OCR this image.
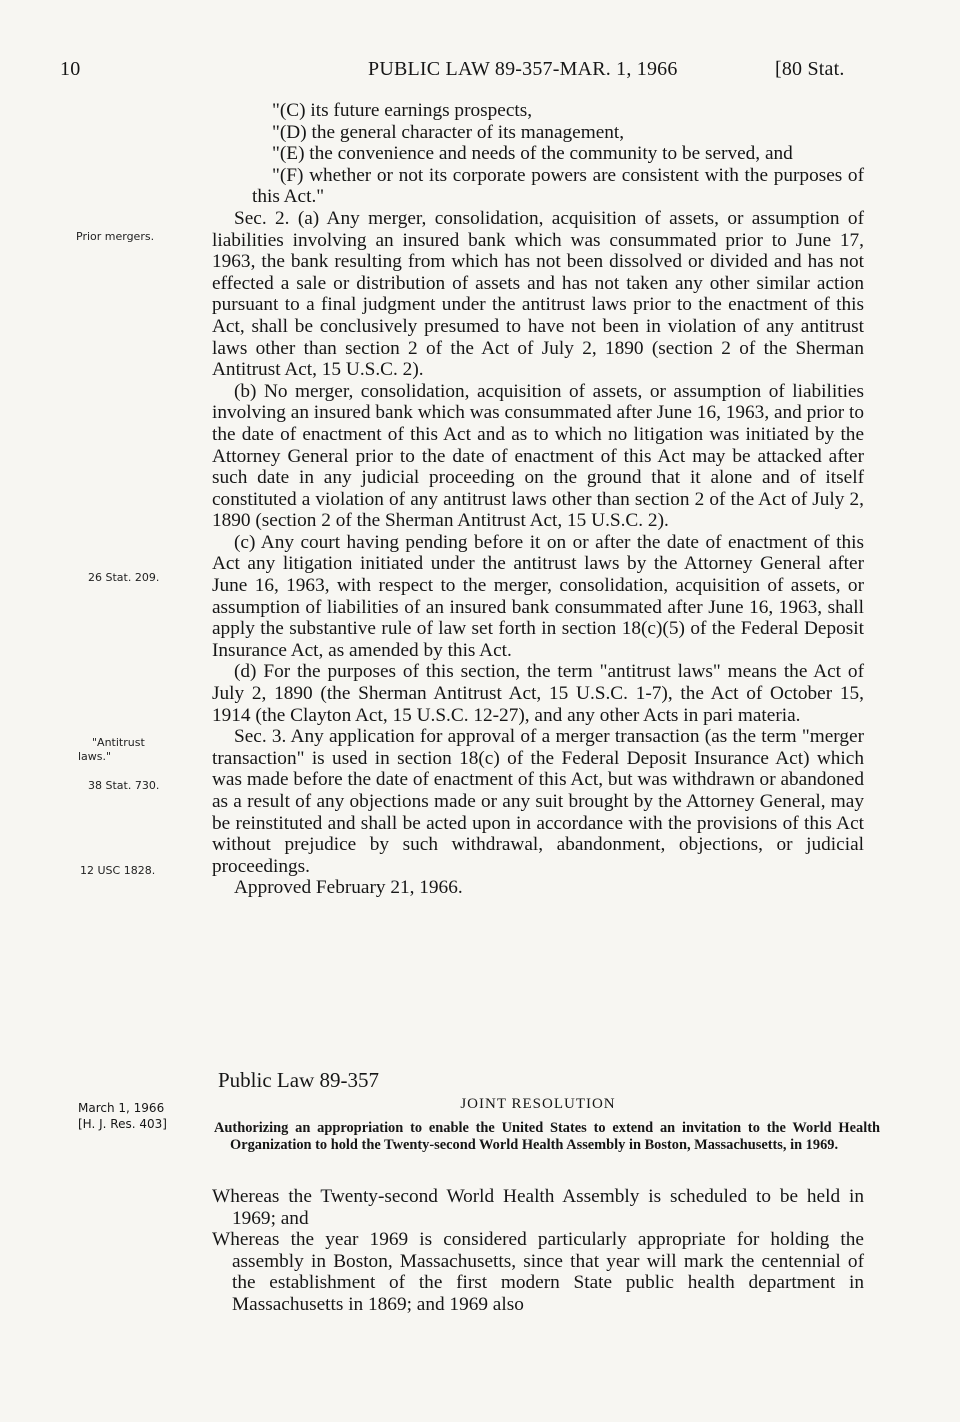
10	PUBLIC LAW 89-357-MAR. 1, 1966	[80 Stat.
Prior mergers.
26 Stat. 209.
"Antitrust
laws."
38 Stat. 730.
12 USC 1828.

"(C) its future earnings prospects,

"(D) the general character of its management,

"(E) the convenience and needs of the community to be served, and

"(F) whether or not its corporate powers are consistent with the purposes of this Act."

Sec. 2. (a) Any merger, consolidation, acquisition of assets, or assumption of liabilities involving an insured bank which was consummated prior to June 17, 1963, the bank resulting from which has not been dissolved or divided and has not effected a sale or distribution of assets and has not taken any other similar action pursuant to a final judgment under the antitrust laws prior to the enactment of this Act, shall be conclusively presumed to have not been in violation of any antitrust laws other than section 2 of the Act of July 2, 1890 (section 2 of the Sherman Antitrust Act, 15 U.S.C. 2).

(b) No merger, consolidation, acquisition of assets, or assumption of liabilities involving an insured bank which was consummated after June 16, 1963, and prior to the date of enactment of this Act and as to which no litigation was initiated by the Attorney General prior to the date of enactment of this Act may be attacked after such date in any judicial proceeding on the ground that it alone and of itself constituted a violation of any antitrust laws other than section 2 of the Act of July 2, 1890 (section 2 of the Sherman Antitrust Act, 15 U.S.C. 2).

(c) Any court having pending before it on or after the date of enactment of this Act any litigation initiated under the antitrust laws by the Attorney General after June 16, 1963, with respect to the merger, consolidation, acquisition of assets, or assumption of liabilities of an insured bank consummated after June 16, 1963, shall apply the substantive rule of law set forth in section 18(c)(5) of the Federal Deposit Insurance Act, as amended by this Act.

(d) For the purposes of this section, the term "antitrust laws" means the Act of July 2, 1890 (the Sherman Antitrust Act, 15 U.S.C. 1-7), the Act of October 15, 1914 (the Clayton Act, 15 U.S.C. 12-27), and any other Acts in pari materia.

Sec. 3. Any application for approval of a merger transaction (as the term "merger transaction" is used in section 18(c) of the Federal Deposit Insurance Act) which was made before the date of enactment of this Act, but was withdrawn or abandoned as a result of any objections made or any suit brought by the Attorney General, may be reinstituted and shall be acted upon in accordance with the provisions of this Act without prejudice by such withdrawal, abandonment, objections, or judicial proceedings.

Approved February 21, 1966.

Public Law 89-357
JOINT RESOLUTION
March 1, 1966
[H. J. Res. 403]	Authorizing an appropriation to enable the United States to extend an invitation to the World Health Organization to hold the Twenty-second World Health Assembly in Boston, Massachusetts, in 1969.

Whereas the Twenty-second World Health Assembly is scheduled to be held in 1969; and

Whereas the year 1969 is considered particularly appropriate for holding the assembly in Boston, Massachusetts, since that year will mark the centennial of the establishment of the first modern State public health department in Massachusetts in 1869; and 1969 also
